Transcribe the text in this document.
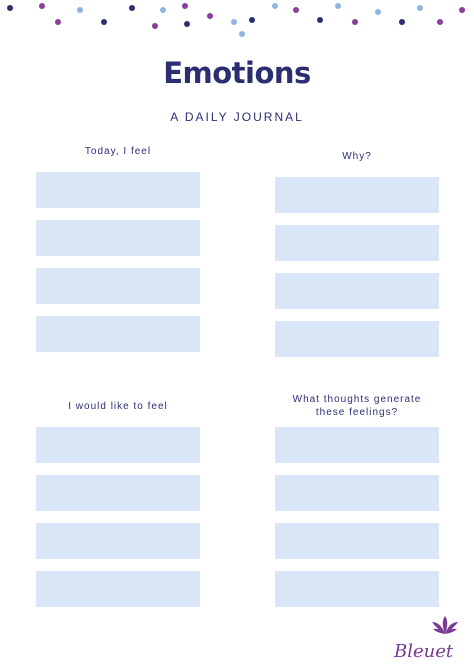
Emotions
A DAILY JOURNAL
Today, I feel	Why?
I would like to feel
What thoughts generate
these feelings?
Bleuet
